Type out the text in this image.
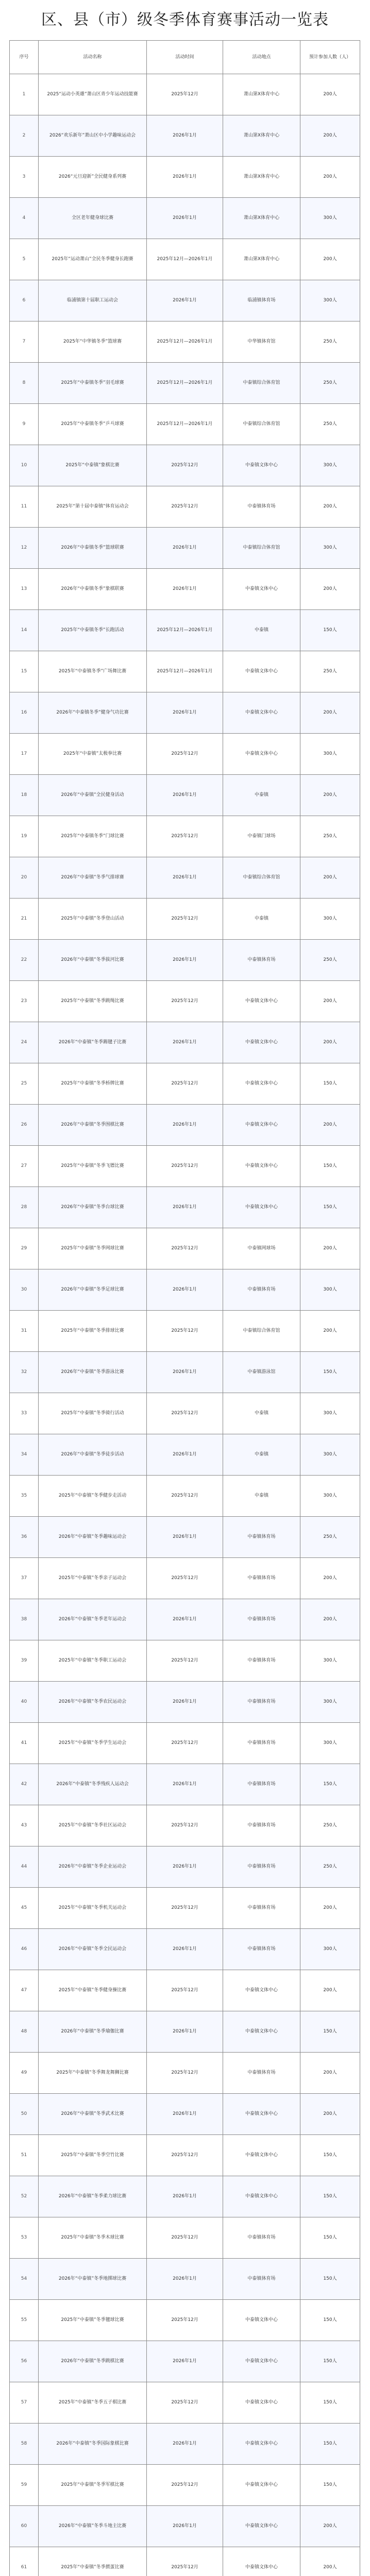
区、县（市）级冬季体育赛事活动一览表
序号	活动名称	活动时间	活动地点	预计参加人数（人）
1	2025“运动小英雄”萧山区青少年运动技能赛	2025年12月	萧山第X体育中心	200人
2	2026“欢乐新年”萧山区中小学趣味运动会	2026年1月	萧山第X体育中心	200人
3	2026“元旦迎新”全民健身系列赛	2026年1月	萧山第X体育中心	200人
4	全区老年健身球比赛	2026年1月	萧山第X体育中心	300人
5	2025年“运动萧山”全民冬季健身长跑赛	2025年12月—2026年1月	萧山第X体育中心	200人
6	临浦镇第十届职工运动会	2026年1月	临浦镇体育场	300人
7	2025年“中华镇冬季”篮球赛	2025年12月—2026年1月	中华镇体育馆	250人
8	2025年“中泰镇冬季”羽毛球赛	2025年12月—2026年1月	中泰镇综合体育馆	250人
9	2025年“中泰镇冬季”乒乓球赛	2025年12月—2026年1月	中泰镇综合体育馆	250人
10	2025年“中泰镇”象棋比赛	2025年12月	中泰镇文体中心	300人
11	2025年“第十届中泰镇”体育运动会	2025年12月	中泰镇体育场	200人
12	2026年“中泰镇冬季”篮球联赛	2026年1月	中泰镇综合体育馆	300人
13	2026年“中泰镇冬季”象棋联赛	2026年1月	中泰镇文体中心	200人
14	2025年“中泰镇冬季”长跑活动	2025年12月—2026年1月	中泰镇	150人
15	2025年“中泰镇冬季”广场舞比赛	2025年12月—2026年1月	中泰镇文体中心	250人
16	2026年“中泰镇冬季”健身气功比赛	2026年1月	中泰镇文体中心	200人
17	2025年“中泰镇”太极拳比赛	2025年12月	中泰镇文体中心	300人
18	2026年“中泰镇”全民健身活动	2026年1月	中泰镇	200人
19	2025年“中泰镇冬季”门球比赛	2025年12月	中泰镇门球场	250人
20	2026年“中泰镇”冬季气排球赛	2026年1月	中泰镇综合体育馆	200人
21	2025年“中泰镇”冬季登山活动	2025年12月	中泰镇	300人
22	2026年“中泰镇”冬季拔河比赛	2026年1月	中泰镇体育场	250人
23	2025年“中泰镇”冬季跳绳比赛	2025年12月	中泰镇文体中心	200人
24	2026年“中泰镇”冬季踢毽子比赛	2026年1月	中泰镇文体中心	200人
25	2025年“中泰镇”冬季桥牌比赛	2025年12月	中泰镇文体中心	150人
26	2026年“中泰镇”冬季围棋比赛	2026年1月	中泰镇文体中心	200人
27	2025年“中泰镇”冬季飞镖比赛	2025年12月	中泰镇文体中心	150人
28	2026年“中泰镇”冬季台球比赛	2026年1月	中泰镇文体中心	150人
29	2025年“中泰镇”冬季网球比赛	2025年12月	中泰镇网球场	200人
30	2026年“中泰镇”冬季足球比赛	2026年1月	中泰镇体育场	300人
31	2025年“中泰镇”冬季排球比赛	2025年12月	中泰镇综合体育馆	200人
32	2026年“中泰镇”冬季游泳比赛	2026年1月	中泰镇游泳馆	150人
33	2025年“中泰镇”冬季骑行活动	2025年12月	中泰镇	300人
34	2026年“中泰镇”冬季徒步活动	2026年1月	中泰镇	300人
35	2025年“中泰镇”冬季健步走活动	2025年12月	中泰镇	300人
36	2026年“中泰镇”冬季趣味运动会	2026年1月	中泰镇体育场	250人
37	2025年“中泰镇”冬季亲子运动会	2025年12月	中泰镇体育场	200人
38	2026年“中泰镇”冬季老年运动会	2026年1月	中泰镇体育场	200人
39	2025年“中泰镇”冬季职工运动会	2025年12月	中泰镇体育场	300人
40	2026年“中泰镇”冬季农民运动会	2026年1月	中泰镇体育场	300人
41	2025年“中泰镇”冬季学生运动会	2025年12月	中泰镇体育场	300人
42	2026年“中泰镇”冬季残疾人运动会	2026年1月	中泰镇体育场	150人
43	2025年“中泰镇”冬季社区运动会	2025年12月	中泰镇体育场	250人
44	2026年“中泰镇”冬季企业运动会	2026年1月	中泰镇体育场	250人
45	2025年“中泰镇”冬季机关运动会	2025年12月	中泰镇体育场	200人
46	2026年“中泰镇”冬季全民运动会	2026年1月	中泰镇体育场	300人
47	2025年“中泰镇”冬季健身操比赛	2025年12月	中泰镇文体中心	200人
48	2026年“中泰镇”冬季瑜伽比赛	2026年1月	中泰镇文体中心	150人
49	2025年“中泰镇”冬季舞龙舞狮比赛	2025年12月	中泰镇体育场	200人
50	2026年“中泰镇”冬季武术比赛	2026年1月	中泰镇文体中心	200人
51	2025年“中泰镇”冬季空竹比赛	2025年12月	中泰镇文体中心	150人
52	2026年“中泰镇”冬季柔力球比赛	2026年1月	中泰镇文体中心	150人
53	2025年“中泰镇”冬季木球比赛	2025年12月	中泰镇体育场	150人
54	2026年“中泰镇”冬季地掷球比赛	2026年1月	中泰镇体育场	150人
55	2025年“中泰镇”冬季毽球比赛	2025年12月	中泰镇文体中心	150人
56	2026年“中泰镇”冬季跳棋比赛	2026年1月	中泰镇文体中心	150人
57	2025年“中泰镇”冬季五子棋比赛	2025年12月	中泰镇文体中心	150人
58	2026年“中泰镇”冬季国际象棋比赛	2026年1月	中泰镇文体中心	150人
59	2025年“中泰镇”冬季军棋比赛	2025年12月	中泰镇文体中心	150人
60	2026年“中泰镇”冬季斗地主比赛	2026年1月	中泰镇文体中心	200人
61	2025年“中泰镇”冬季掼蛋比赛	2025年12月	中泰镇文体中心	200人
